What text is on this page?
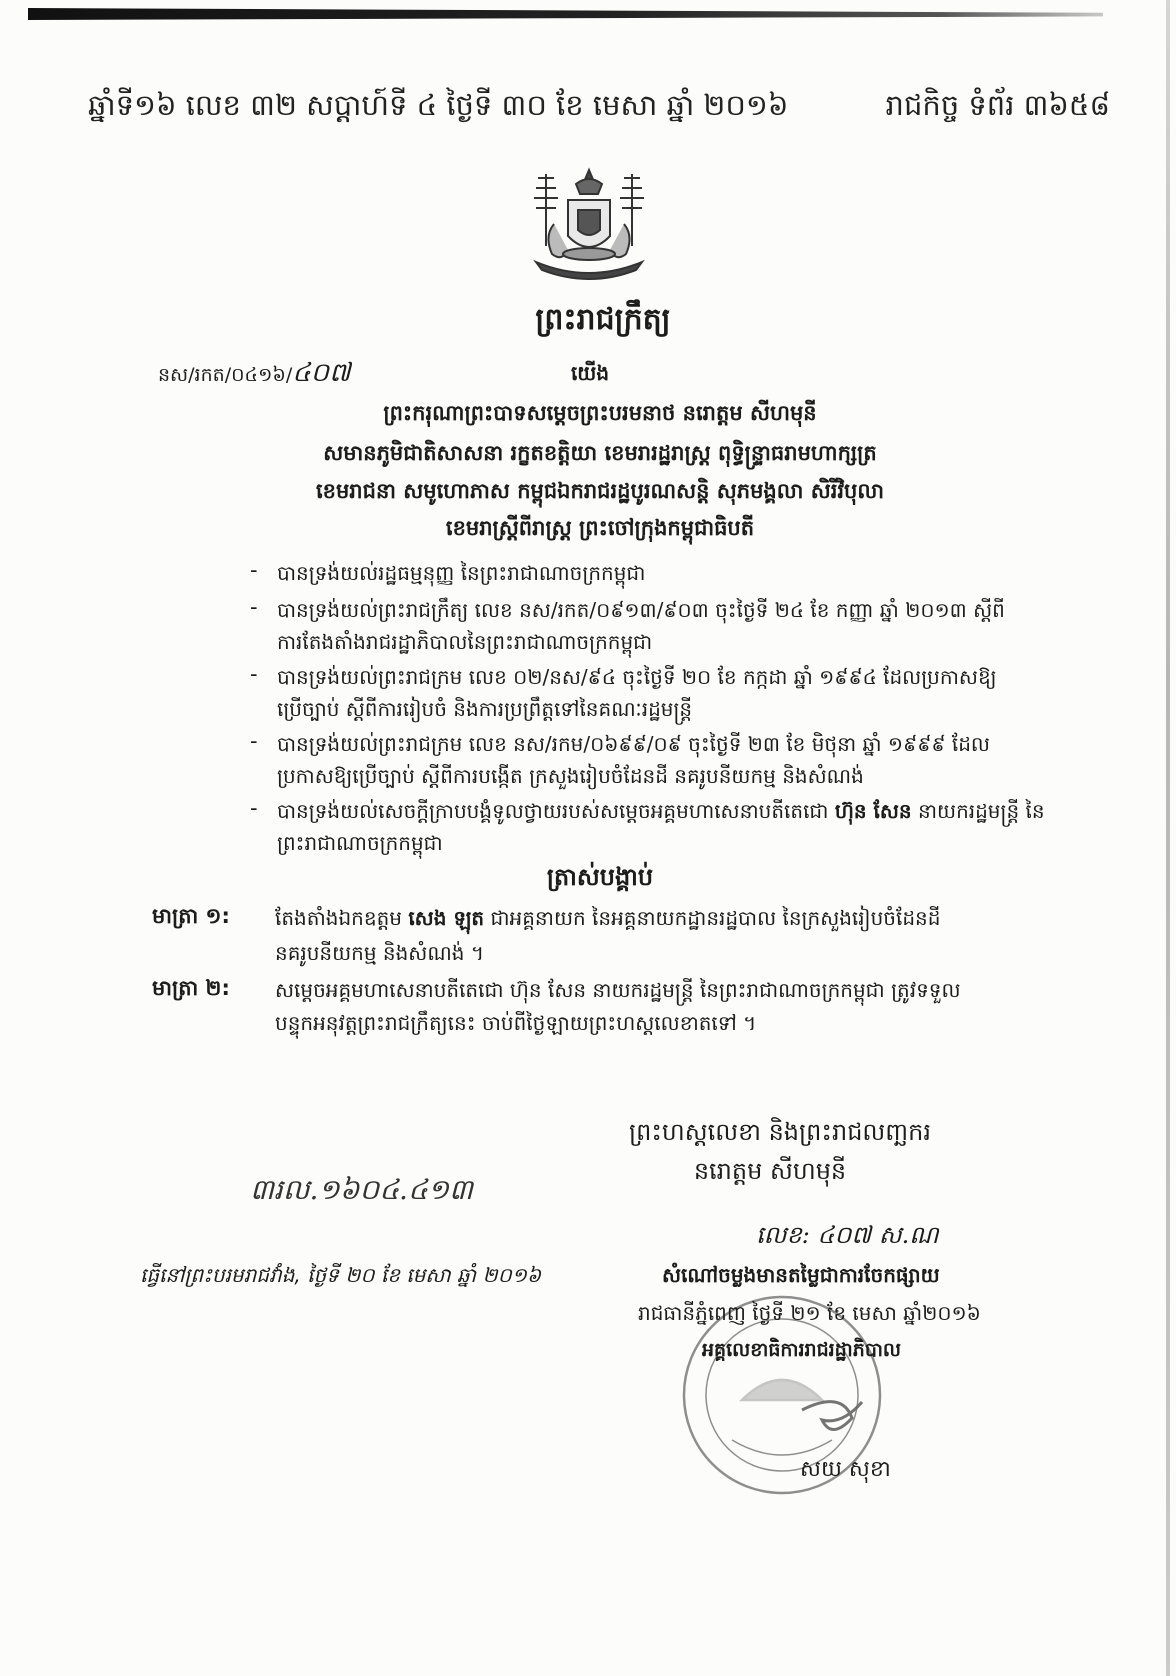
ឆ្នាំទី១៦ លេខ ៣២ សប្តាហ៍ទី ៤ ថ្ងៃទី ៣០ ខែ មេសា ឆ្នាំ ២០១៦	រាជកិច្ច ទំព័រ ៣៦៥៨
ព្រះរាជក្រឹត្យ
នស/រកត/០៤១៦/៤០៧	យើង
ព្រះករុណាព្រះបាទសម្តេចព្រះបរមនាថ នរោត្តម សីហមុនី
សមានភូមិជាតិសាសនា រក្ខតខត្តិយា ខេមរារដ្ឋរាស្ត្រ ពុទ្ធិន្ទ្រាធរាមហាក្សត្រ
ខេមរាជនា សមូហោភាស កម្ពុជឯករាជរដ្ឋបូរណសន្តិ សុភមង្គលា សិរីវិបុលា
ខេមរាស្ត្រីពីរាស្ត្រ ព្រះចៅក្រុងកម្ពុជាធិបតី
- បានទ្រង់យល់រដ្ឋធម្មនុញ្ញ នៃព្រះរាជាណាចក្រកម្ពុជា
- បានទ្រង់យល់ព្រះរាជក្រឹត្យ លេខ នស/រកត/០៩១៣/៩០៣ ចុះថ្ងៃទី ២៤ ខែ កញ្ញា ឆ្នាំ ២០១៣ ស្តីពី
ការតែងតាំងរាជរដ្ឋាភិបាលនៃព្រះរាជាណាចក្រកម្ពុជា
- បានទ្រង់យល់ព្រះរាជក្រម លេខ ០២/នស/៩៤ ចុះថ្ងៃទី ២០ ខែ កក្កដា ឆ្នាំ ១៩៩៤ ដែលប្រកាសឱ្យ
ប្រើច្បាប់ ស្តីពីការរៀបចំ និងការប្រព្រឹត្តទៅនៃគណៈរដ្ឋមន្ត្រី
- បានទ្រង់យល់ព្រះរាជក្រម លេខ នស/រកម/០៦៩៩/០៩ ចុះថ្ងៃទី ២៣ ខែ មិថុនា ឆ្នាំ ១៩៩៩ ដែល
ប្រកាសឱ្យប្រើច្បាប់ ស្តីពីការបង្កើត ក្រសួងរៀបចំដែនដី នគរូបនីយកម្ម និងសំណង់
- បានទ្រង់យល់សេចក្តីក្រាបបង្គំទូលថ្វាយរបស់សម្តេចអគ្គមហាសេនាបតីតេជោ ហ៊ុន សែន នាយករដ្ឋមន្ត្រី នៃ
ព្រះរាជាណាចក្រកម្ពុជា
ត្រាស់បង្គាប់
មាត្រា ១: តែងតាំងឯកឧត្តម សេង ឡុត ជាអគ្គនាយក នៃអគ្គនាយកដ្ឋានរដ្ឋបាល នៃក្រសួងរៀបចំដែនដី
នគរូបនីយកម្ម និងសំណង់ ។
មាត្រា ២: សម្តេចអគ្គមហាសេនាបតីតេជោ ហ៊ុន សែន នាយករដ្ឋមន្ត្រី នៃព្រះរាជាណាចក្រកម្ពុជា ត្រូវទទួល
បន្ទុកអនុវត្តព្រះរាជក្រឹត្យនេះ ចាប់ពីថ្ងៃឡាយព្រះហស្តលេខាតទៅ ។
ព្រះហស្តលេខា និងព្រះរាជលញ្ឆករ
នរោត្តម សីហមុនី
៣រល.១៦០៤.៤១៣
លេខ: ៤០៧ ស.ណ
ធ្វើនៅព្រះបរមរាជវាំង, ថ្ងៃទី ២០ ខែ មេសា ឆ្នាំ ២០១៦	សំណៅចម្លងមានតម្លៃជាការចែកផ្សាយ
រាជធានីភ្នំពេញ ថ្ងៃទី ២១ ខែ មេសា ឆ្នាំ២០១៦
អគ្គលេខាធិការរាជរដ្ឋាភិបាល
សយ សុខា
